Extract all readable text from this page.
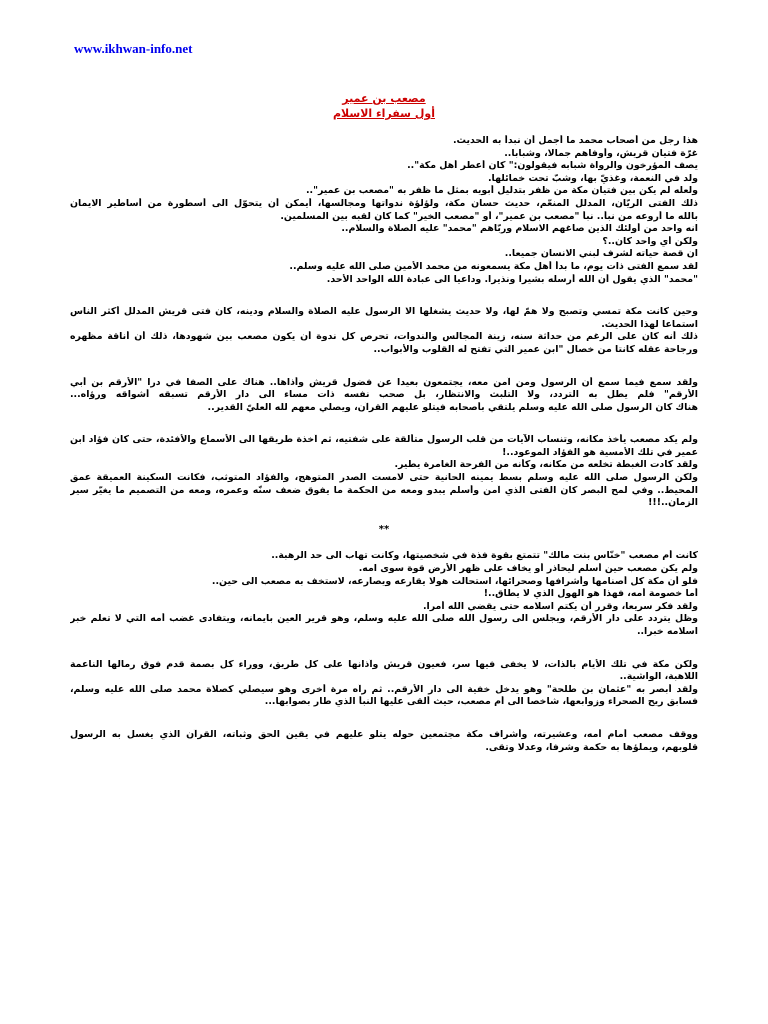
www.ikhwan-info.net
مصعب بن عمير
أول سفراء الاسلام
هذا رجل من أصحاب محمد ما أجمل أن نبدأ به الحديث.
غرّة فتيان قريش، وأوفاهم جمالا، وشبابا..
يصف المؤرخون والرواة شبابه فيقولون:" كان أعطر أهل مكة"..
ولد في النعمة، وغذيّ بها، وشبّ تحت خمائلها.
ولعله لم يكن بين فتيان مكة من ظفر بتدليل أبويه بمثل ما ظفر به "مصعب بن عمير"..
ذلك الفتى الريّان، المدلل المنعّم، حديث حسان مكة، ولؤلؤة ندواتها ومجالسها، أيمكن أن يتحوّل الى أسطورة من أساطير الايمان
بالله ما أروعه من نبأ.. نبأ "مصعب بن عمير"، أو "مصعب الخير" كما كان لقبه بين المسلمين.
انه واحد من أولئك الذين صاغهم الاسلام وربّاهم "محمد" عليه الصلاة والسلام..
ولكن أي واحد كان..؟
ان قصة حياته لشرف لبني الانسان جميعا..
لقد سمع الفتى ذات يوم، ما بدأ أهل مكة يسمعونه من محمد الأمين صلى الله عليه وسلم..
"محمد" الذي يقول أن الله أرسله بشيرا ونذيرا. وداعيا الى عبادة الله الواحد الأحد.
وحين كانت مكة تمسي وتصبح ولا همّ لها، ولا حديث يشغلها الا الرسول عليه الصلاة والسلام ودينه، كان فتى قريش المدلل أكثر الناس
استماعا لهذا الحديث.
ذلك أنه كان على الرغم من حداثة سنه، زينة المجالس والندوات، تحرص كل ندوة أن يكون مصعب بين شهودها، ذلك أن أناقة مظهره
ورجاحة عقله كانتا من خصال "ابن عمير التي تفتح له القلوب والأبواب..
ولقد سمع فيما سمع أن الرسول ومن آمن معه، يجتمعون بعيدا عن فضول قريش وأذاها.. هناك على الصفا في درا "الأرقم بن أبي
الأرقم" فلم يطل به التردد، ولا التلبث والانتظار، بل صحب نفسه ذات مساء الى دار الأرقم تسبقه أشواقه ورؤاه...
هناك كان الرسول صلى الله عليه وسلم يلتقي بأصحابه فيتلو عليهم القرآن، ويصلي معهم لله العليّ القدير..
ولم يكد مصعب يأخذ مكانه، وتنساب الآيات من قلب الرسول متألقة على شفتيه، ثم آخذة طريقها الى الأسماع والأفئدة، حتى كان فؤاد ابن
عمير في تلك الأمسية هو الفؤاد الموعود..!
ولقد كادت الغبطة تخلعه من مكانه، وكأنه من الفرحة الغامرة يطير.
ولكن الرسول صلى الله عليه وسلم بسط يمينه الحانية حتى لامست الصدر المتوهج، والفؤاد المتوثب، فكانت السكينة العميقة عمق
المحيط.. وفي لمح البصر كان الفتى الذي آمن وأسلم يبدو ومعه من الحكمة ما يفوق ضعف سنّه وعمره، ومعه من التصميم ما يغيّر سير
الزمان..!!!
**
كانت أم مصعب "خنّاس بنت مالك" تتمتع بقوة فذة في شخصيتها، وكانت تهاب الى حد الرهبة..
ولم يكن مصعب حين أسلم ليحاذر أو يخاف على ظهر الأرض قوة سوى امه.
فلو أن مكة كل أصنامها وأشرافها وصحرائها، استحالت هولا يقارعه ويصارعه، لاستخف به مصعب الى حين..
أما خصومة أمه، فهذا هو الهول الذي لا يطاق..!
ولقد فكر سريعا، وقرر أن يكتم اسلامه حتى يقضي الله أمرا.
وظل يتردد على دار الأرقم، ويجلس الى رسول الله صلى الله عليه وسلم، وهو قرير العين بايمانه، ويتفادى غضب أمه التي لا تعلم خبر
اسلامه خبرا..
ولكن مكة في تلك الأيام بالذات، لا يخفى فيها سر، فعيون قريش وآذانها على كل طريق، ووراء كل بصمة قدم فوق رمالها الناعمة
اللاهبة، الواشية..
ولقد أبصر به "عثمان بن طلحة" وهو يدخل خفية الى دار الأرقم.. ثم رآه مرة أخرى وهو سيصلي كصلاة محمد صلى الله عليه وسلم،
فسابق ريح الصحراء وزوابعها، شاخصا الى أم مصعب، حيث ألقى عليها النبأ الذي طار بصوابها...
ووقف مصعب أمام أمه، وعشيرته، وأشراف مكة مجتمعين حوله يتلو عليهم في يقين الحق وثباته، القرآن الذي يغسل به الرسول
قلوبهم، ويملؤها به حكمة وشرفا، وعدلا وتقى.
